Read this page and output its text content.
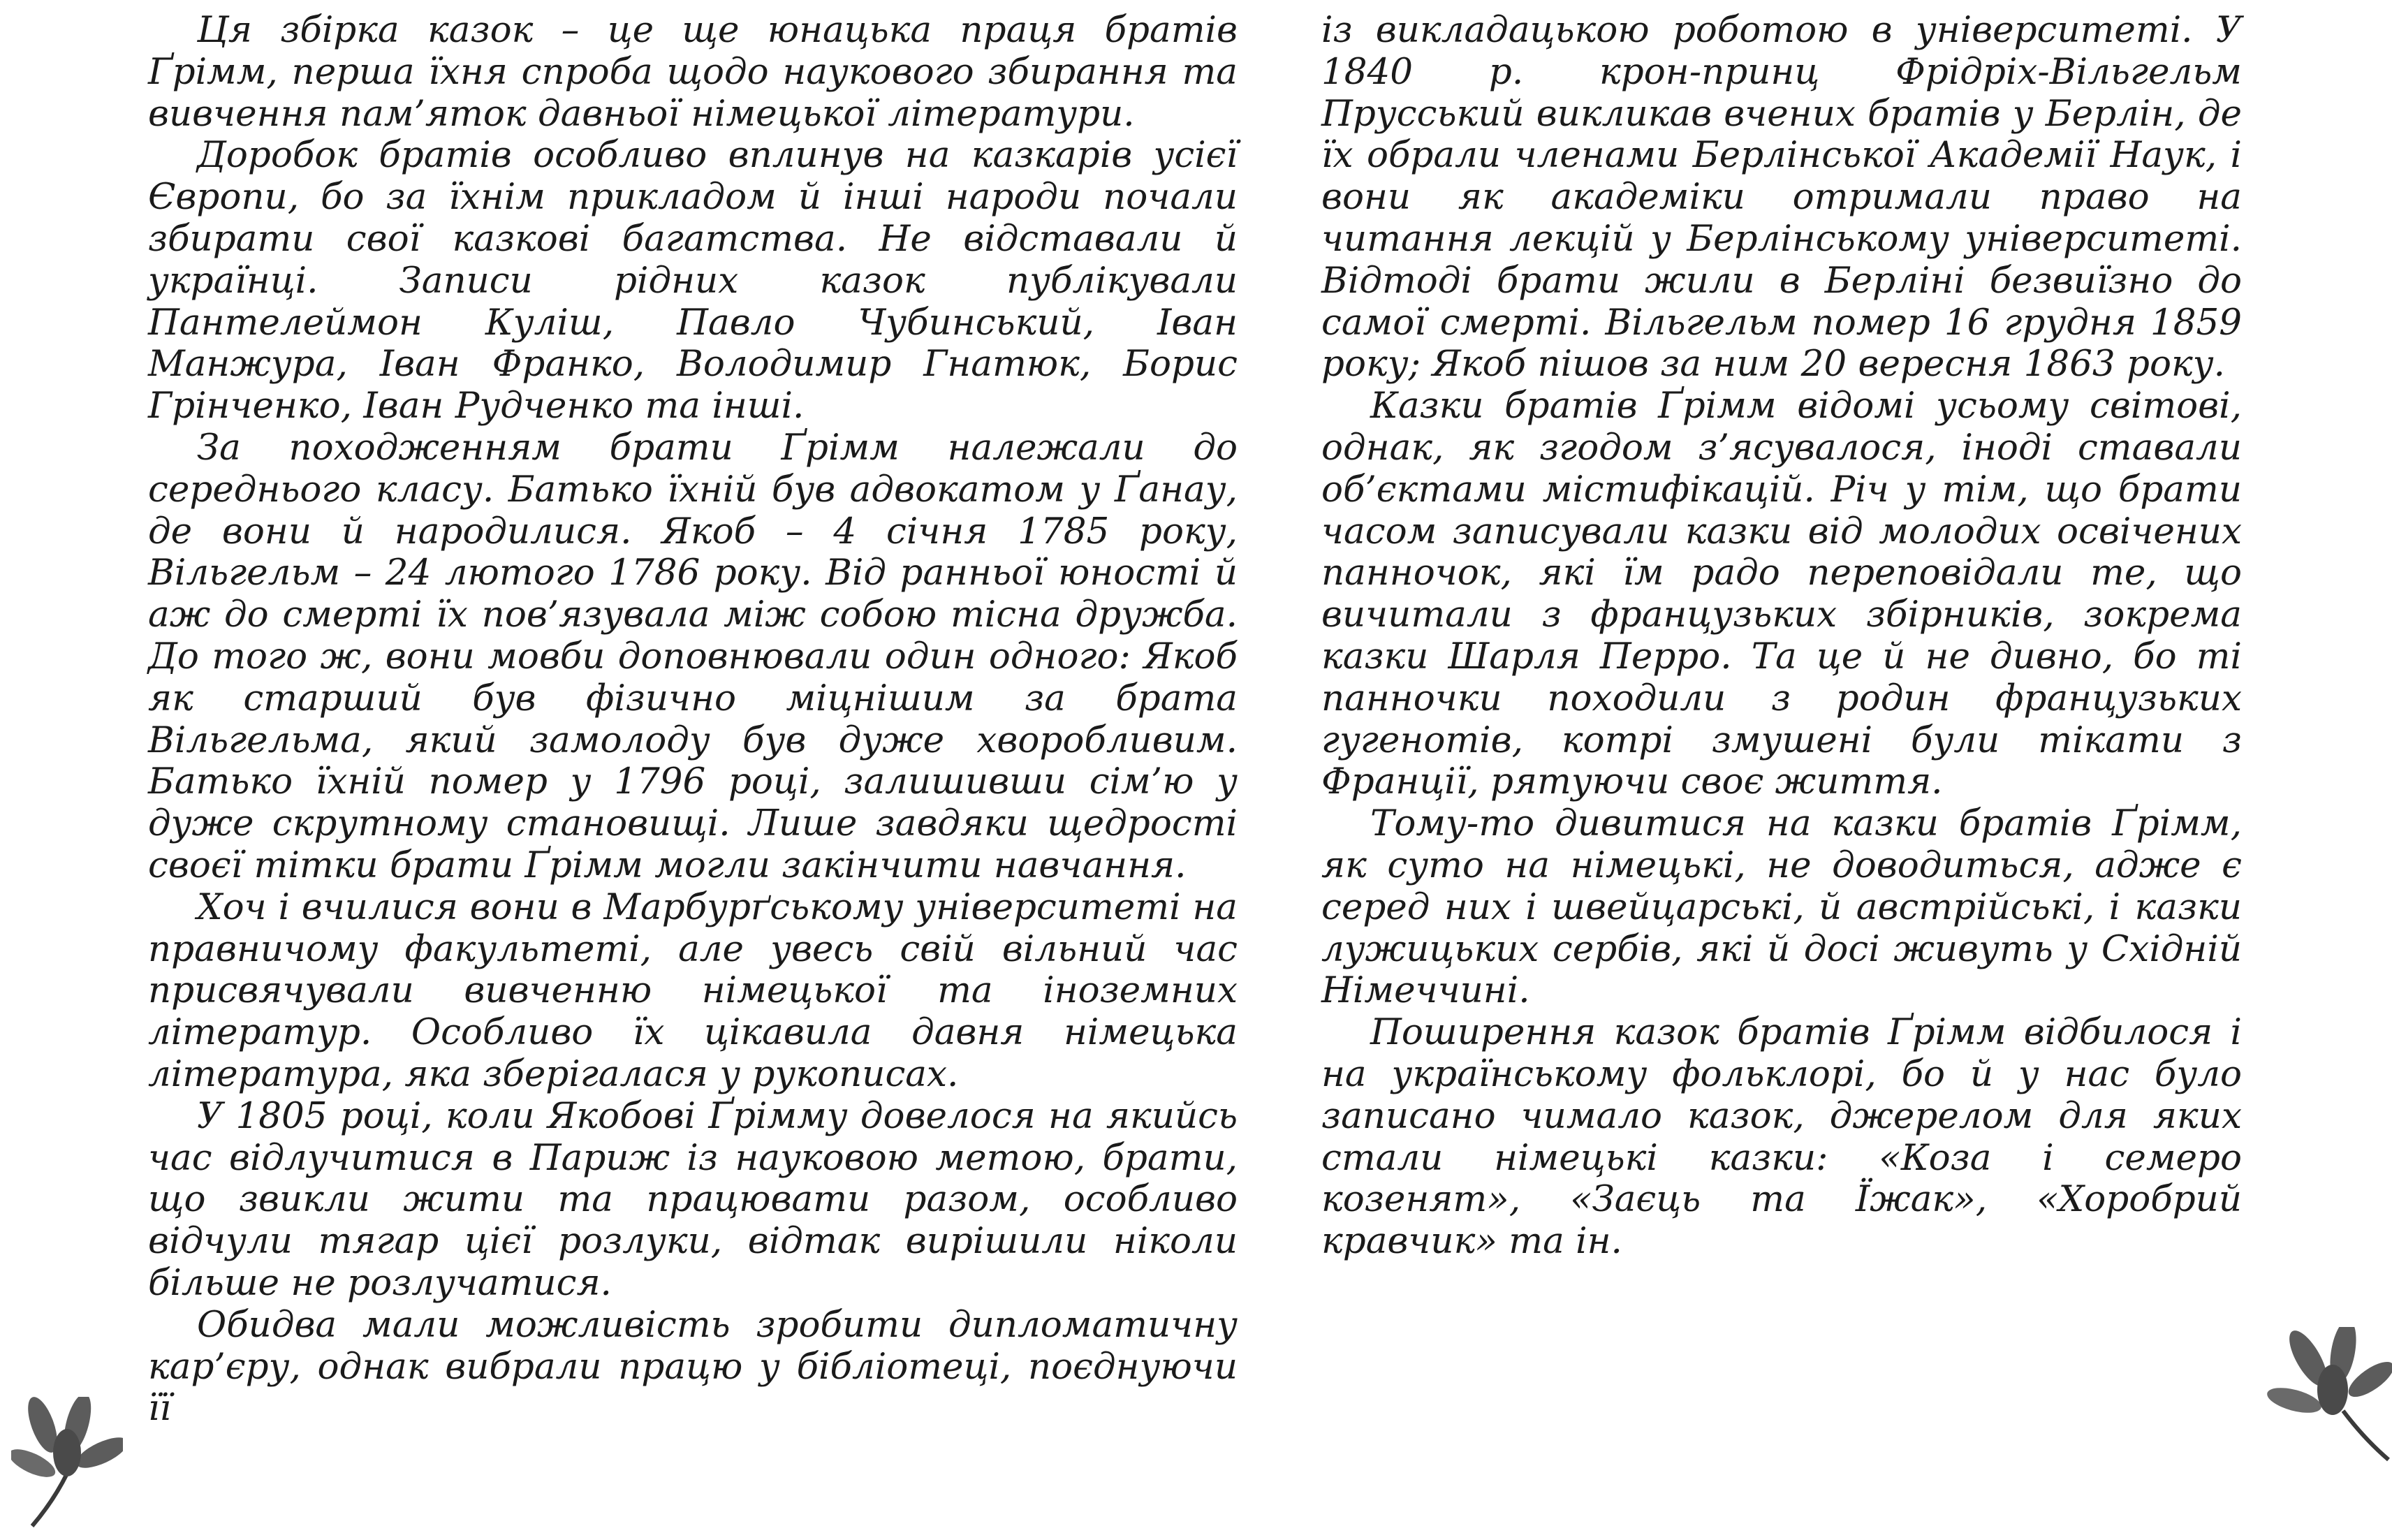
Ця збірка казок – це ще юнацька праця братів Ґрімм, перша їхня спроба щодо наукового збирання та вивчення пам’яток давньої німецької літератури.

Доробок братів особливо вплинув на казкарів усієї Європи, бо за їхнім прикладом й інші народи почали збирати свої казкові багатства. Не відставали й українці. Записи рідних казок публікували Пантелеймон Куліш, Павло Чубинський, Іван Манжура, Іван Франко, Володимир Гнатюк, Борис Грінченко, Іван Рудченко та інші.

За походженням брати Ґрімм належали до середнього класу. Батько їхній був адвокатом у Ґанау, де вони й народилися. Якоб – 4 січня 1785 року, Вільгельм – 24 лютого 1786 року. Від ранньої юності й аж до смерті їх пов’язувала між собою тісна дружба. До того ж, вони мовби доповнювали один одного: Якоб як старший був фізично міцнішим за брата Вільгельма, який замолоду був дуже хворобливим. Батько їхній помер у 1796 році, залишивши сім’ю у дуже скрутному становищі. Лише завдяки щедрості своєї тітки брати Ґрімм могли закінчити навчання.

Хоч і вчилися вони в Марбурґському університеті на правничому факультеті, але увесь свій вільний час присвячували вивченню німецької та іноземних літератур. Особливо їх цікавила давня німецька література, яка зберігалася у рукописах.

У 1805 році, коли Якобові Ґрімму довелося на якийсь час відлучитися в Париж із науковою метою, брати, що звикли жити та працювати разом, особливо відчули тягар цієї розлуки, відтак вирішили ніколи більше не розлучатися.

Обидва мали можливість зробити дипломатичну кар’єру, однак вибрали працю у бібліотеці, поєднуючи її

із викладацькою роботою в університеті. У 1840 р. крон-принц Фрідріх-Вільгельм Прусський викликав вчених братів у Берлін, де їх обрали членами Берлінської Академії Наук, і вони як академіки отримали право на читання лекцій у Берлінському університеті. Відтоді брати жили в Берліні безвиїзно до самої смерті. Вільгельм помер 16 грудня 1859 року; Якоб пішов за ним 20 вересня 1863 року.

Казки братів Ґрімм відомі усьому світові, однак, як згодом з’ясувалося, іноді ставали об’єктами містифікацій. Річ у тім, що брати часом записували казки від молодих освічених панночок, які їм радо переповідали те, що вичитали з французьких збірників, зокрема казки Шарля Перро. Та це й не дивно, бо ті панночки походили з родин французьких гугенотів, котрі змушені були тікати з Франції, рятуючи своє життя.

Тому-то дивитися на казки братів Ґрімм, як суто на німецькі, не доводиться, адже є серед них і швейцарські, й австрійські, і казки лужицьких сербів, які й досі живуть у Східній Німеччині.

Поширення казок братів Ґрімм відбилося і на українському фольклорі, бо й у нас було записано чимало казок, джерелом для яких стали німецькі казки: «Коза і семеро козенят», «Заєць та Їжак», «Хоробрий кравчик» та ін.
